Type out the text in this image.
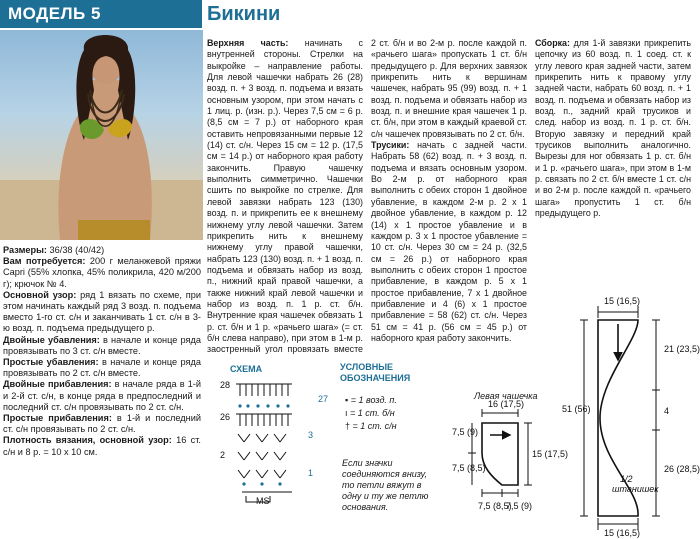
МОДЕЛЬ 5	Бикини

Размеры: 36/38 (40/42)

Вам потребуется: 200 г меланжевой пряжи Capri (55% хлопка, 45% поликрила, 420 м/200 г); крючок № 4.

Основной узор: ряд 1 вязать по схеме, при этом начинать каждый ряд 3 возд. п. подъема вместо 1-го ст. с/н и заканчивать 1 ст. с/н в 3-ю возд. п. подъема предыдущего р.

Двойные убавления: в начале и конце ряда провязывать по 3 ст. с/н вместе.

Простые убавления: в начале и конце ряда провязывать по 2 ст. с/н вместе.

Двойные прибавления: в начале ряда в 1-й и 2-й ст. с/н, в конце ряда в предпоследний и последний ст. с/н провязывать по 2 ст. с/н.

Простые прибавления: в 1-й и последний ст. с/н провязывать по 2 ст. с/н.

Плотность вязания, основной узор: 16 ст. с/н и 8 р. = 10 х 10 см.

Верхняя часть: начинать с внутренней стороны. Стрелки на выкройке – направление работы. Для левой чашечки набрать 26 (28) возд. п. + 3 возд. п. подъема и вязать основным узором, при этом начать с 1 лиц. р. (изн. р.). Через 7,5 см = 6 р. (8,5 см = 7 р.) от наборного края оставить непровязанными первые 12 (14) ст. с/н. Через 15 см = 12 р. (17,5 см = 14 р.) от наборного края работу закончить. Правую чашечку выполнить симметрично. Чашечки сшить по выкройке по стрелке. Для левой завязки набрать 123 (130) возд. п. и прикрепить ее к внешнему нижнему углу левой чашечки. Затем прикрепить нить к внешнему нижнему углу правой чашечки, набрать 123 (130) возд. п. + 1 возд. п. подъема и обвязать набор из возд. п., нижний край правой чашечки, а также нижний край левой чашечки и набор из возд. п. 1 р. ст. б/н. Внутренние края чашечек обвязать 1 р. ст. б/н и 1 р. «рачьего шага» (= ст. б/н слева направо), при этом в 1-м р. заостренный угол провязать вместе 2 ст. б/н и во 2-м р. после каждой п. «рачьего шага» пропускать 1 ст. б/н предыдущего р. Для верхних завязок прикрепить нить к вершинам чашечек, набрать 95 (99) возд. п. + 1 возд. п. подъема и обвязать набор из возд. п. и внешние края чашечек 1 р. ст. б/н, при этом в каждый краевой ст. с/н чашечек провязывать по 2 ст. б/н.

Трусики: начать с задней части. Набрать 58 (62) возд. п. + 3 возд. п. подъема и вязать основным узором. Во 2-м р. от наборного края выполнить с обеих сторон 1 двойное убавление, в каждом 2-м р. 2 х 1 двойное убавление, в каждом р. 12 (14) х 1 простое убавление и в каждом р. 3 х 1 простое убавление = 10 ст. с/н. Через 30 см = 24 р. (32,5 см = 26 р.) от наборного края выполнить с обеих сторон 1 простое прибавление, в каждом р. 5 х 1 простое прибавление, 7 х 1 двойное прибавление и 4 (6) х 1 простое прибавление = 58 (62) ст. с/н. Через 51 см = 41 р. (56 см = 45 р.) от наборного края работу закончить.

Сборка: для 1-й завязки прикрепить цепочку из 60 возд. п. 1 соед. ст. к углу левого края задней части, затем прикрепить нить к правому углу задней части, набрать 60 возд. п. + 1 возд. п. подъема и обвязать набор из возд. п., задний край трусиков и след. набор из возд. п. 1 р. ст. б/н. Вторую завязку и передний край трусиков выполнить аналогично. Вырезы для ног обвязать 1 р. ст. б/н и 1 р. «рачьего шага», при этом в 1-м р. связать по 2 ст. б/н вместе 1 ст. с/н и во 2-м р. после каждой п. «рачьего шага» пропустить 1 ст. б/н предыдущего р.

СХЕМА
28
27
26
3
2
1
MS
УСЛОВНЫЕ
ОБОЗНАЧЕНИЯ
▪ = 1 возд. п.
ı = 1 ст. б/н
† = 1 ст. с/н
Если значки соединяются внизу, то петли вяжут в одну и ту же петлю основания.
Левая чашечка
16 (17,5)
7,5 (9)
7,5 (8,5)
15 (17,5)
7,5 (8,5)
7,5 (9)
15 (16,5)
51 (56)
21 (23,5)
4
26 (28,5)
15 (16,5)
1/2
штанишек
